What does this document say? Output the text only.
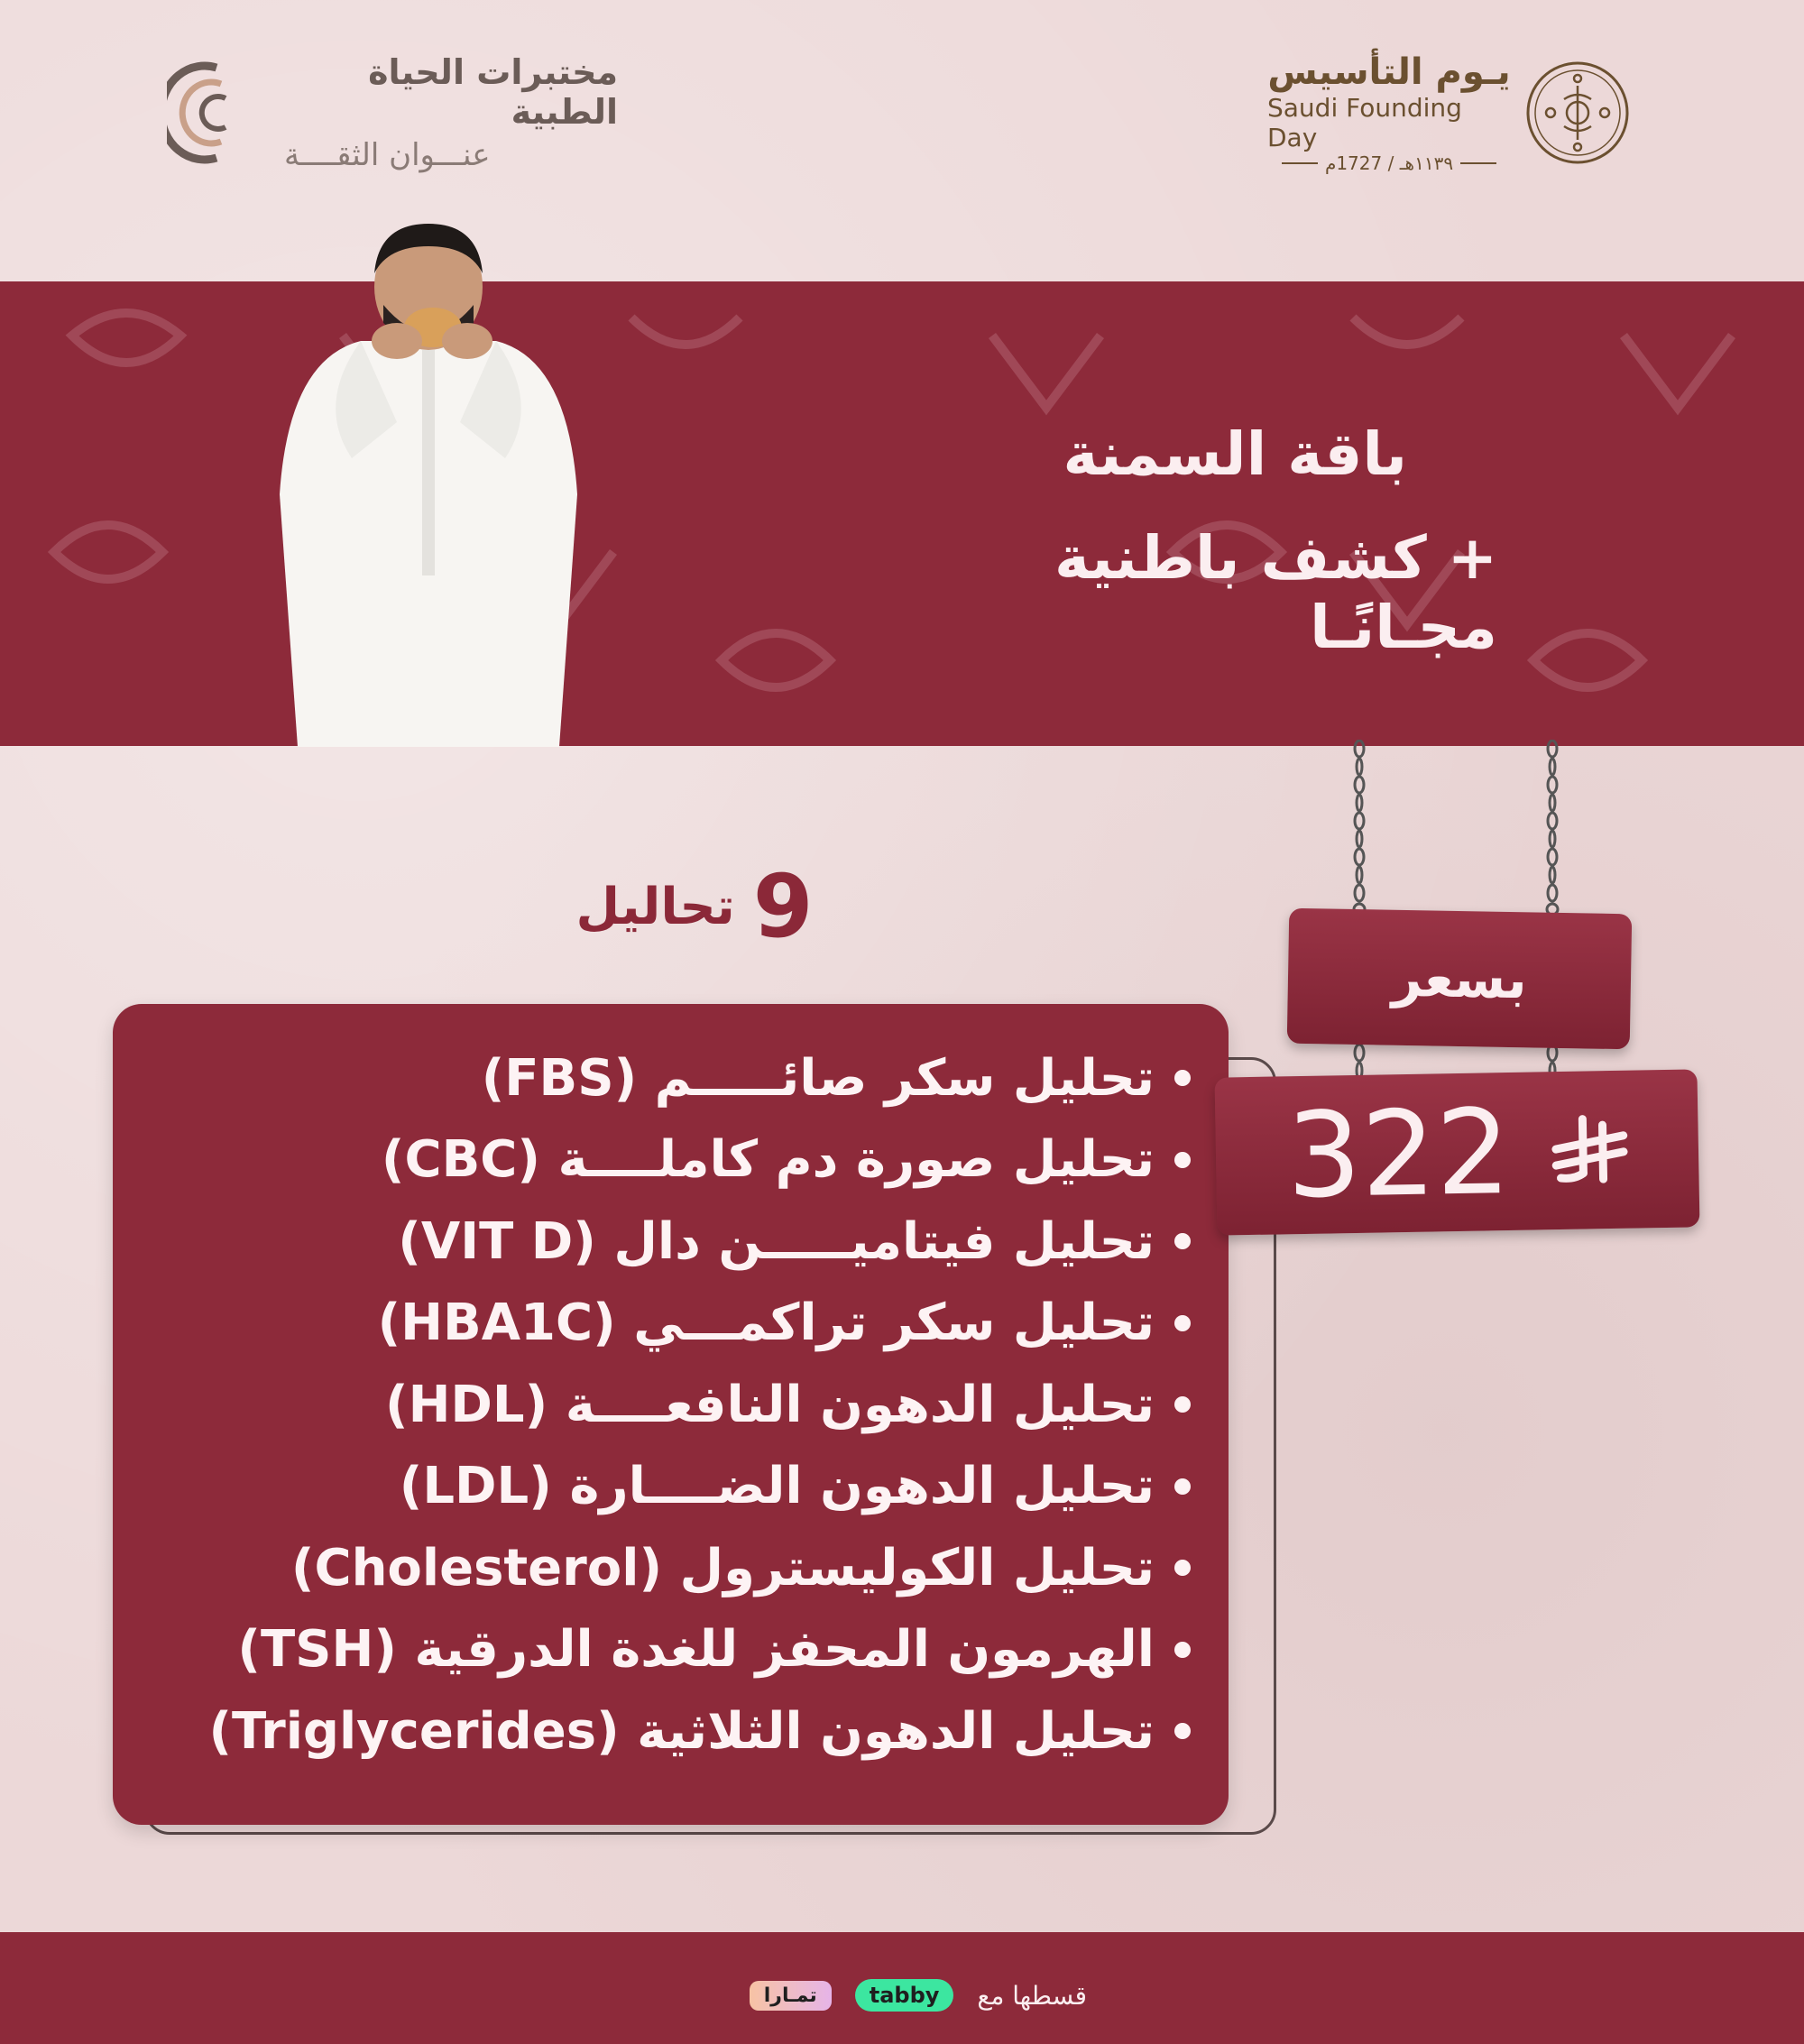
مختبرات الحياة الطبية
عنـــوان الثقــــة
يـوم التأسيس
Saudi Founding Day
١١٣٩هـ / 1727م
باقة السمنة
+ كشف باطنية مجـانًـا
9
تحاليل
تحليل سكر صائـــــم (FBS)
تحليل صورة دم كاملــــة (CBC)
تحليل فيتاميـــــن دال (VIT D)
تحليل سكر تراكمـــي (HBA1C)
تحليل الدهون النافعــــة (HDL)
تحليل الدهون الضــــارة (LDL)
تحليل الكوليسترول (Cholesterol)
الهرمون المحفز للغدة الدرقية (TSH)
تحليل الدهون الثلاثية (Triglycerides)
بسعر
322
قسطها مع
tabby
تمـارا
